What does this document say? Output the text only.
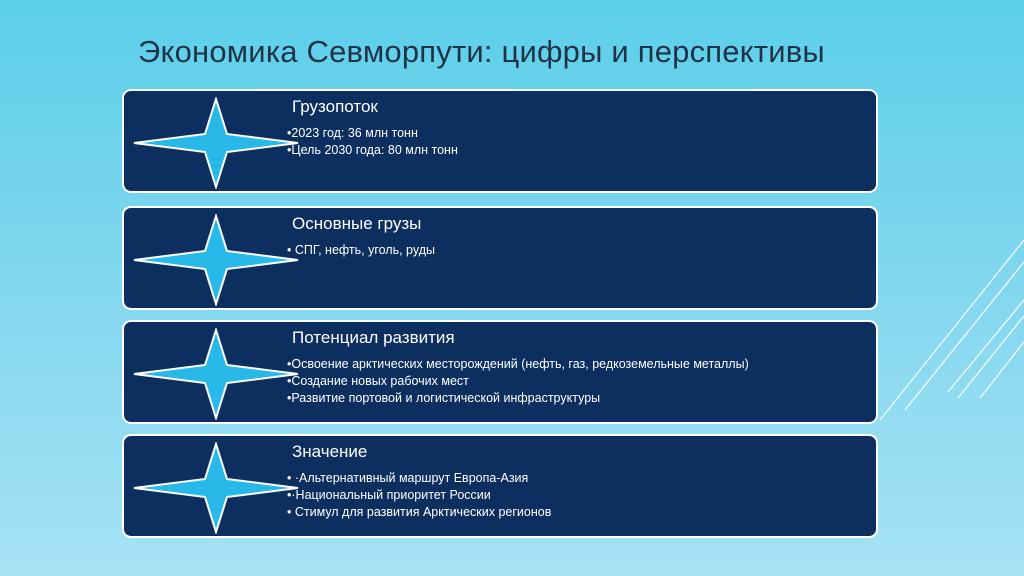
Экономика Севморпути: цифры и перспективы
Грузопоток
•2023 год: 36 млн тонн
•Цель 2030 года: 80 млн тонн
Основные грузы
• СПГ, нефть, уголь, руды
Потенциал развития
•Освоение арктических месторождений (нефть, газ, редкоземельные металлы)
•Создание новых рабочих мест
•Развитие портовой и логистической инфраструктуры
Значение
• ·Альтернативный маршрут Европа-Азия
•·Национальный приоритет России
• Стимул для развития Арктических регионов
